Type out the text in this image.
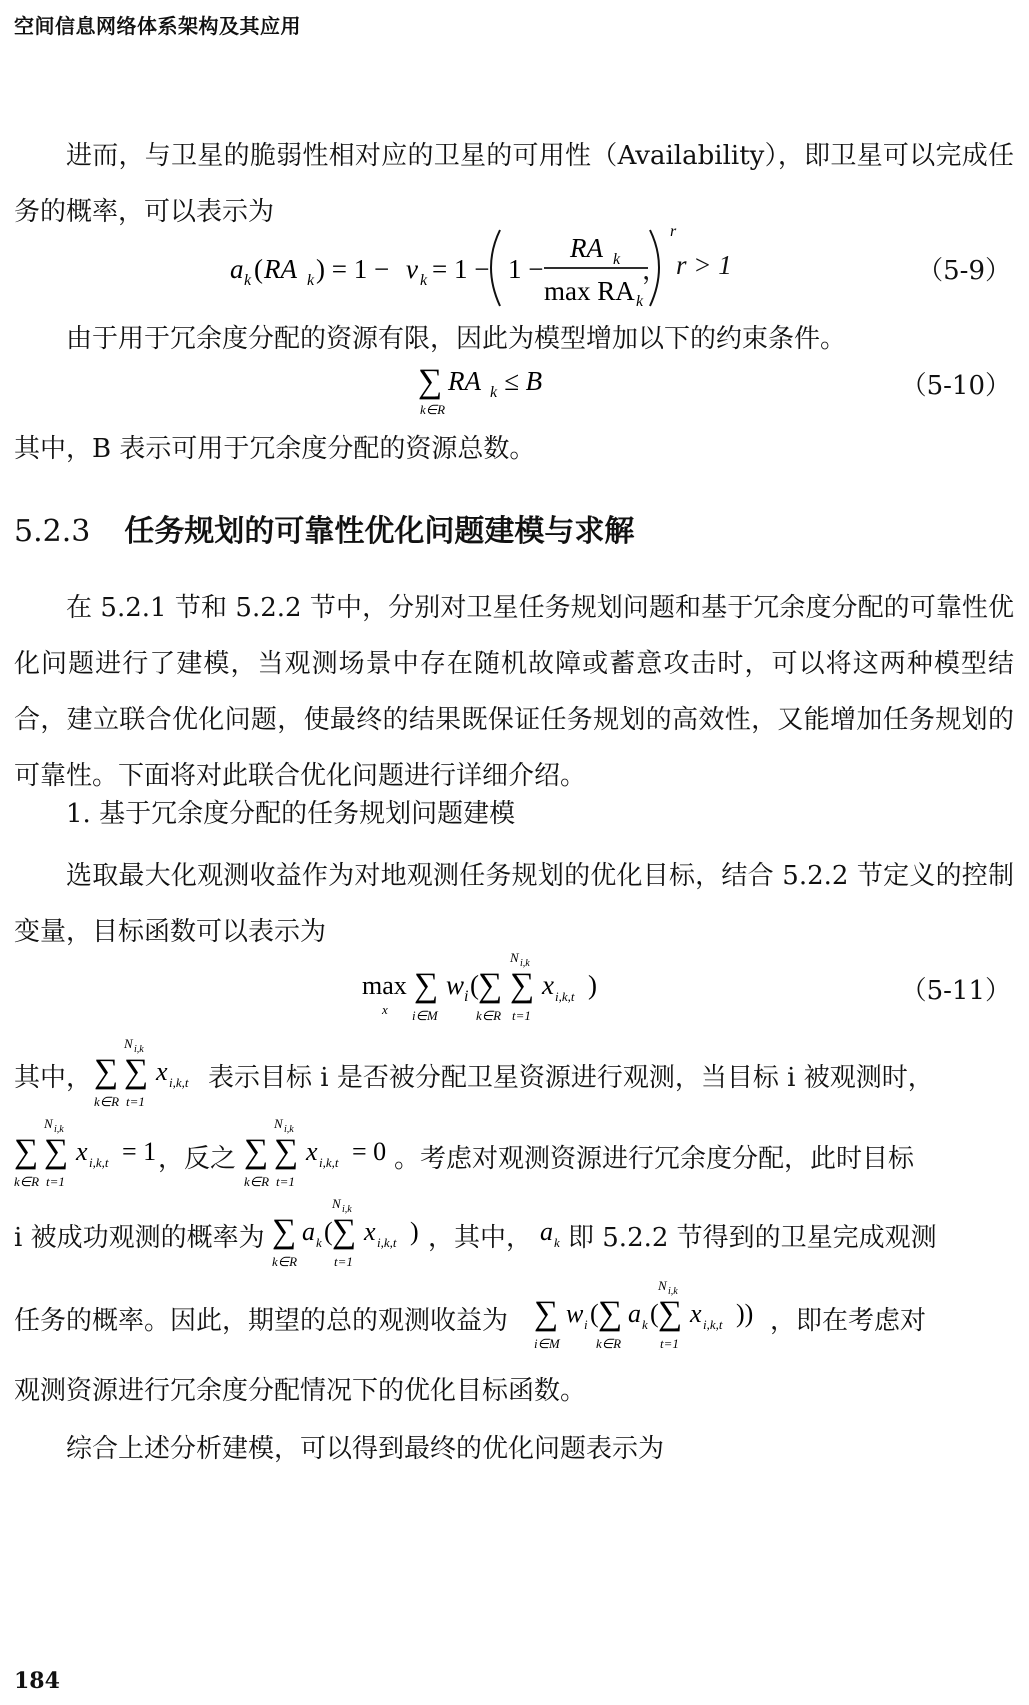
空间信息网络体系架构及其应用

进而，与卫星的脆弱性相对应的卫星的可用性（Availability），即卫星可以完成任务的概率，可以表示为

a k ( RA k ) = 1 − v k = 1 − 1 −
RA k
max RA k
r
， r > 1	（5-9）
由于用于冗余度分配的资源有限，因此为模型增加以下的约束条件。
∑
k∈R
RA k ≤ B	（5-10）
其中，B 表示可用于冗余度分配的资源总数。
5.2.3 任务规划的可靠性优化问题建模与求解

在 5.2.1 节和 5.2.2 节中，分别对卫星任务规划问题和基于冗余度分配的可靠性优化问题进行了建模，当观测场景中存在随机故障或蓄意攻击时，可以将这两种模型结合，建立联合优化问题，使最终的结果既保证任务规划的高效性，又能增加任务规划的可靠性。下面将对此联合优化问题进行详细介绍。

1. 基于冗余度分配的任务规划问题建模

选取最大化观测收益作为对地观测任务规划的优化目标，结合 5.2.2 节定义的控制变量，目标函数可以表示为

max
x
∑
i∈M
w i ( ∑
k∈R
∑
t=1
N i,k
x i,k,t )	（5-11）
其中， ∑
k∈R
∑
t=1
N i,k
x i,k,t 表示目标 i 是否被分配卫星资源进行观测，当目标 i 被观测时，
∑
k∈R
∑
t=1
N i,k
x i,k,t = 1 ，反之 ∑
k∈R
∑
t=1
N i,k
x i,k,t = 0 。考虑对观测资源进行冗余度分配，此时目标
i 被成功观测的概率为 ∑
k∈R
a k ( ∑
t=1
N i,k
x i,k,t ) ，其中， a k 即 5.2.2 节得到的卫星完成观测
任务的概率。因此，期望的总的观测收益为 ∑
i∈M
w i ( ∑
k∈R
a k ( ∑
t=1
N i,k
x i,k,t )) ，即在考虑对
观测资源进行冗余度分配情况下的优化目标函数。
综合上述分析建模，可以得到最终的优化问题表示为
184
